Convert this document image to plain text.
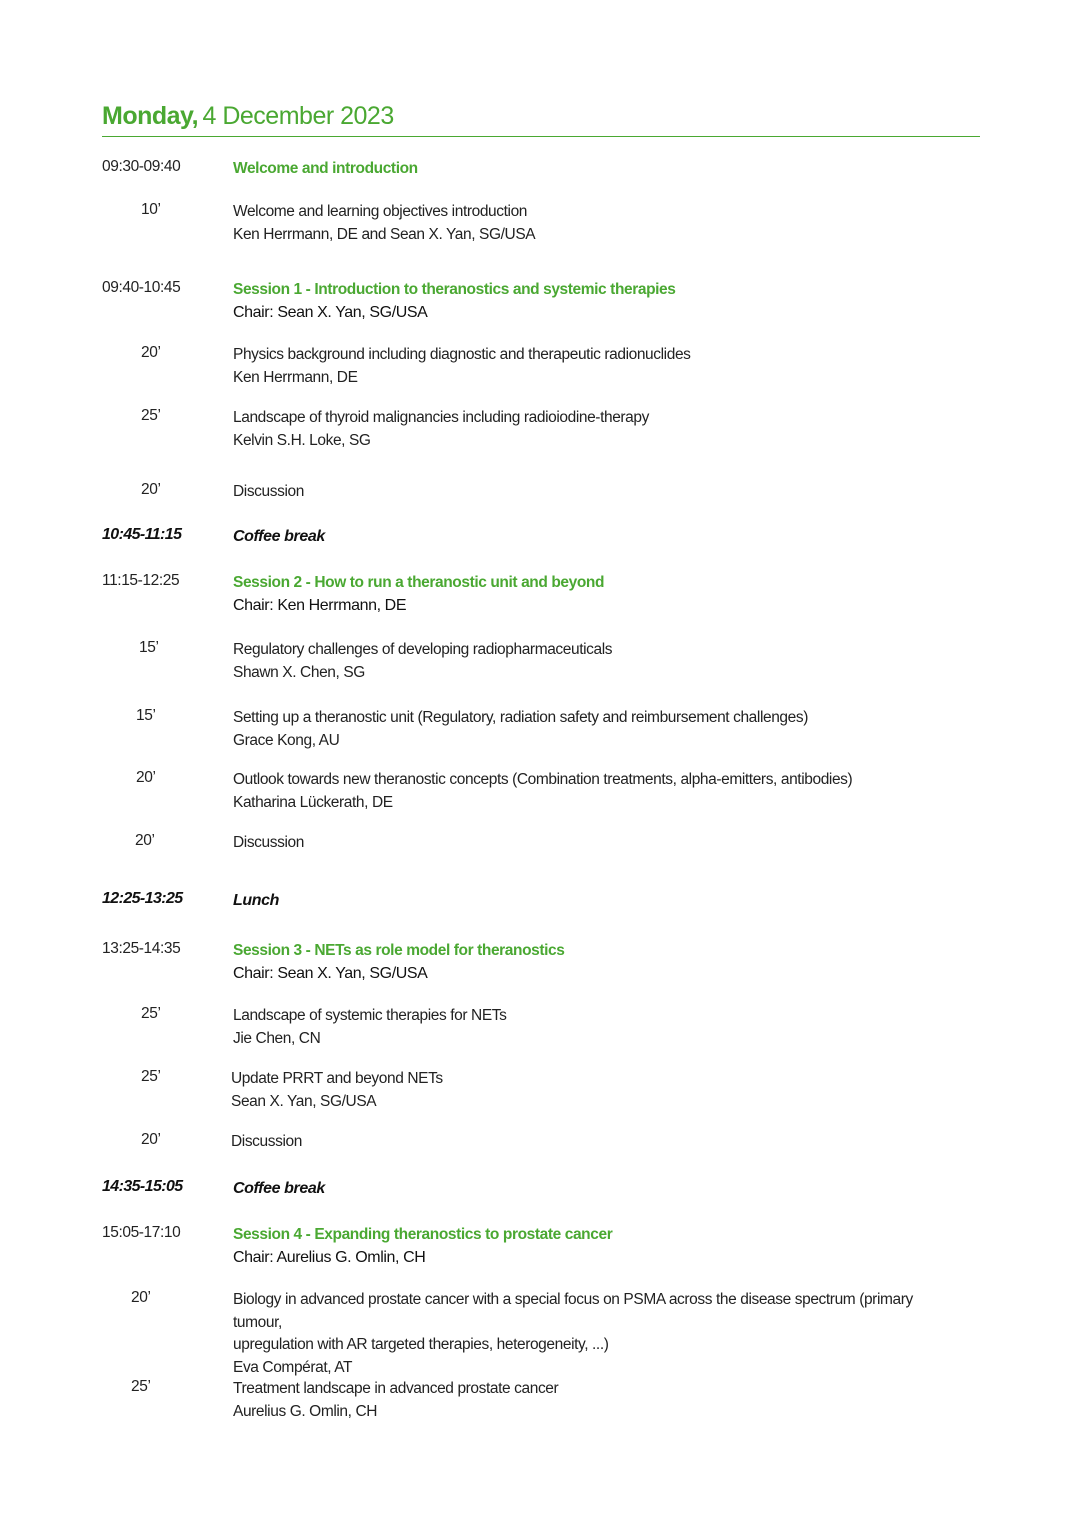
Monday, 4 December 2023
09:30-09:40	Welcome and introduction
10’	Welcome and learning objectives introduction
Ken Herrmann, DE and Sean X. Yan, SG/USA
09:40-10:45	Session 1 - Introduction to theranostics and systemic therapies
Chair: Sean X. Yan, SG/USA
20’	Physics background including diagnostic and therapeutic radionuclides
Ken Herrmann, DE
25’	Landscape of thyroid malignancies including radioiodine-therapy
Kelvin S.H. Loke, SG
20’	Discussion
10:45-11:15	Coffee break
11:15-12:25	Session 2 - How to run a theranostic unit and beyond
Chair: Ken Herrmann, DE
15’	Regulatory challenges of developing radiopharmaceuticals
Shawn X. Chen, SG
15’	Setting up a theranostic unit (Regulatory, radiation safety and reimbursement challenges)
Grace Kong, AU
20’	Outlook towards new theranostic concepts (Combination treatments, alpha-emitters, antibodies)
Katharina Lückerath, DE
20’	Discussion
12:25-13:25	Lunch
13:25-14:35	Session 3 - NETs as role model for theranostics
Chair: Sean X. Yan, SG/USA
25’	Landscape of systemic therapies for NETs
Jie Chen, CN
25’	Update PRRT and beyond NETs
Sean X. Yan, SG/USA
20’	Discussion
14:35-15:05	Coffee break
15:05-17:10	Session 4 - Expanding theranostics to prostate cancer
Chair: Aurelius G. Omlin, CH
20’	Biology in advanced prostate cancer with a special focus on PSMA across the disease spectrum (primary tumour,
upregulation with AR targeted therapies, heterogeneity, ...)
Eva Compérat, AT
25’	Treatment landscape in advanced prostate cancer
Aurelius G. Omlin, CH
